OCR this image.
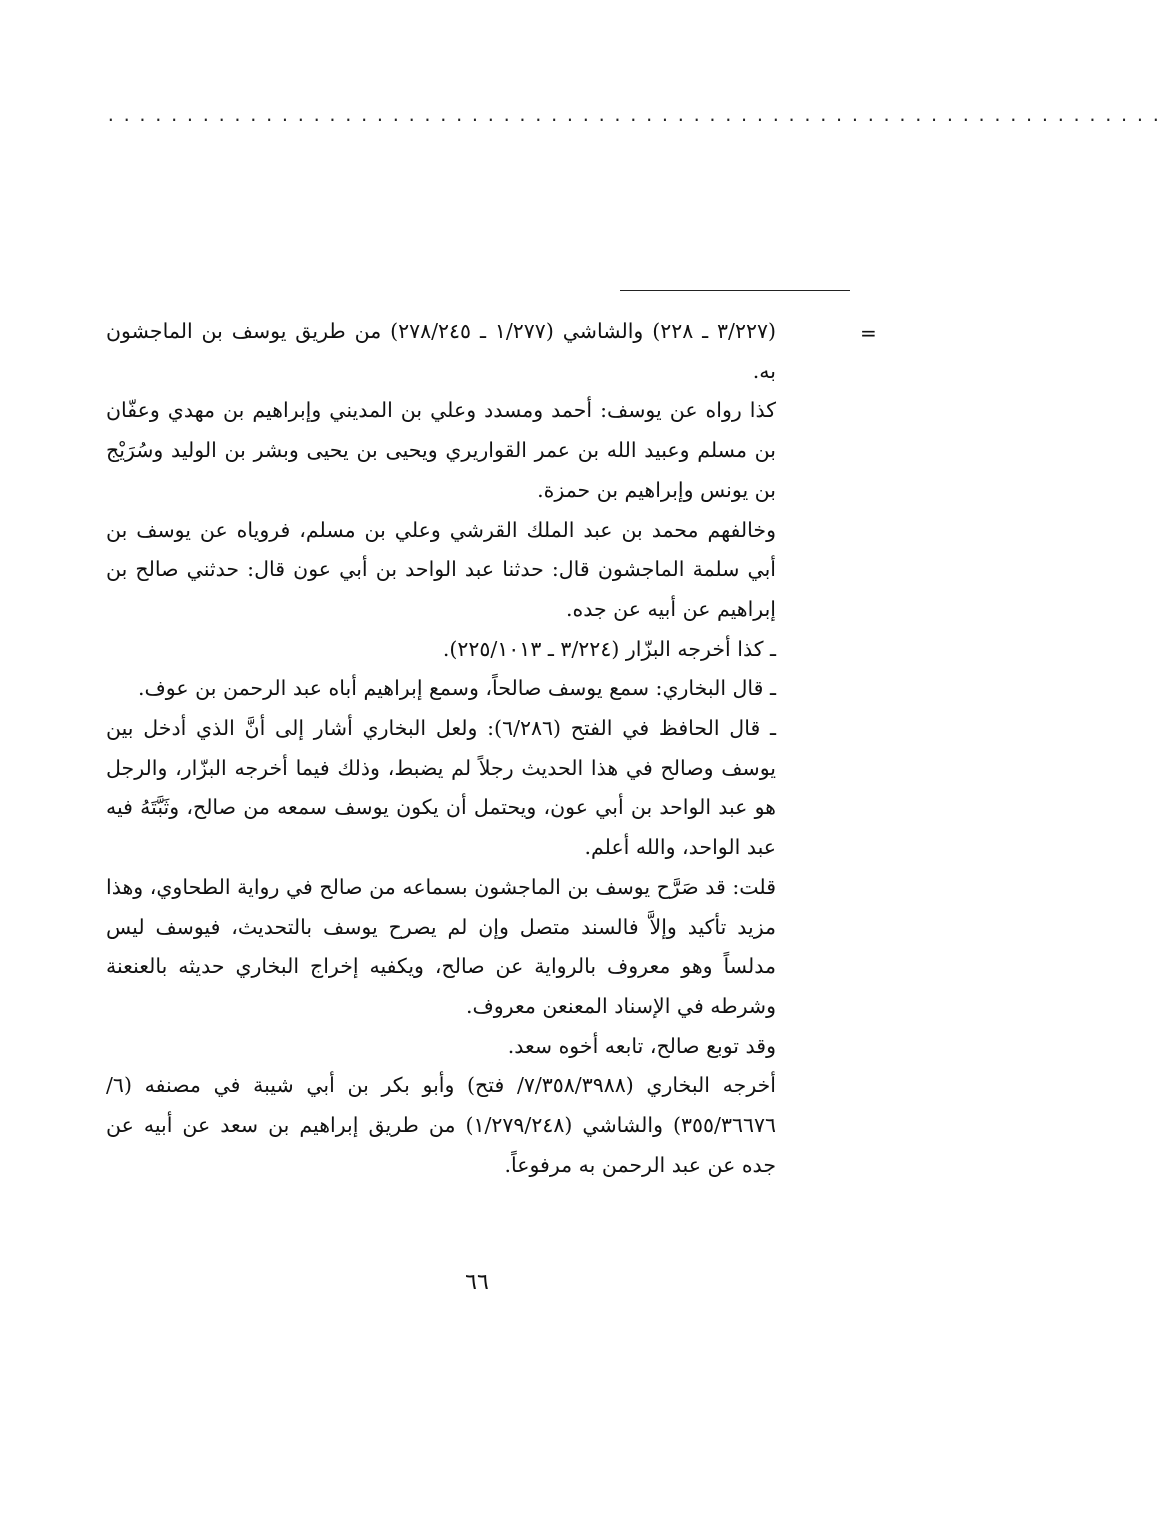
...................................................................
=

(٣/٢٢٧ ـ ٢٢٨) والشاشي (١/٢٧٧ ـ ٢٧٨/٢٤٥) من طريق يوسف بن الماجشون به.

كذا رواه عن يوسف: أحمد ومسدد وعلي بن المديني وإبراهيم بن مهدي وعفّان بن مسلم وعبيد الله بن عمر القواريري ويحيى بن يحيى وبشر بن الوليد وسُرَيْج بن يونس وإبراهيم بن حمزة.

وخالفهم محمد بن عبد الملك القرشي وعلي بن مسلم، فروياه عن يوسف بن أبي سلمة الماجشون قال: حدثنا عبد الواحد بن أبي عون قال: حدثني صالح بن إبراهيم عن أبيه عن جده.

ـ كذا أخرجه البزّار (٣/٢٢٤ ـ ٢٢٥/١٠١٣).

ـ قال البخاري: سمع يوسف صالحاً، وسمع إبراهيم أباه عبد الرحمن بن عوف.

ـ قال الحافظ في الفتح (٦/٢٨٦): ولعل البخاري أشار إلى أنَّ الذي أدخل بين يوسف وصالح في هذا الحديث رجلاً لم يضبط، وذلك فيما أخرجه البزّار، والرجل هو عبد الواحد بن أبي عون، ويحتمل أن يكون يوسف سمعه من صالح، وثَبَّتَهُ فيه عبد الواحد، والله أعلم.

قلت: قد صَرَّح يوسف بن الماجشون بسماعه من صالح في رواية الطحاوي، وهذا مزيد تأكيد وإلاَّ فالسند متصل وإن لم يصرح يوسف بالتحديث، فيوسف ليس مدلساً وهو معروف بالرواية عن صالح، ويكفيه إخراج البخاري حديثه بالعنعنة وشرطه في الإسناد المعنعن معروف.

وقد توبع صالح، تابعه أخوه سعد.

أخرجه البخاري (٧/٣٥٨/٣٩٨٨/ فتح) وأبو بكر بن أبي شيبة في مصنفه (٦/ ٣٥٥/٣٦٦٧٦) والشاشي (١/٢٧٩/٢٤٨) من طريق إبراهيم بن سعد عن أبيه عن جده عن عبد الرحمن به مرفوعاً.

٦٦
